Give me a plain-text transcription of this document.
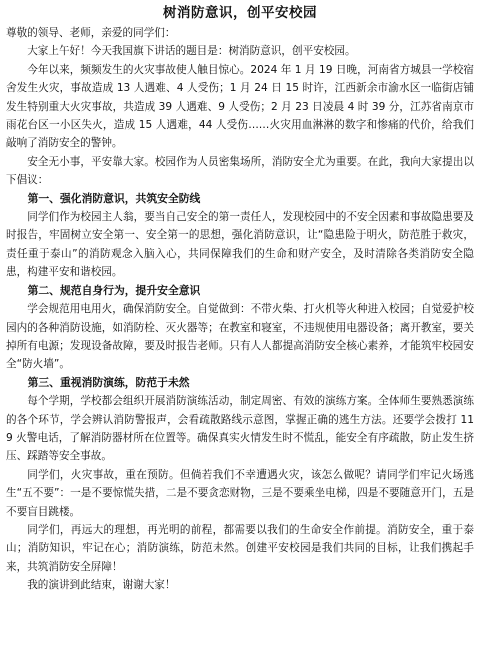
树消防意识，创平安校园

尊敬的领导、老师，亲爱的同学们：

大家上午好！今天我国旗下讲话的题目是：树消防意识，创平安校园。

今年以来，频频发生的火灾事故使人触目惊心。2024 年 1 月 19 日晚，河南省方城县一学校宿舍发生火灾，事故造成 13 人遇难、4 人受伤；1 月 24 日 15 时许，江西新余市渝水区一临街店铺发生特别重大火灾事故，共造成 39 人遇难、9 人受伤；2 月 23 日凌晨 4 时 39 分，江苏省南京市雨花台区一小区失火，造成 15 人遇难，44 人受伤……火灾用血淋淋的数字和惨痛的代价，给我们敲响了消防安全的警钟。

安全无小事，平安靠大家。校园作为人员密集场所，消防安全尤为重要。在此，我向大家提出以下倡议：

第一、强化消防意识，共筑安全防线

同学们作为校园主人翁，要当自己安全的第一责任人，发现校园中的不安全因素和事故隐患要及时报告，牢固树立安全第一、安全第一的思想，强化消防意识，让“隐患险于明火，防范胜于救灾，责任重于泰山”的消防观念入脑入心，共同保障我们的生命和财产安全，及时清除各类消防安全隐患，构建平安和谐校园。

第二、规范自身行为，提升安全意识

学会规范用电用火，确保消防安全。自觉做到：不带火柴、打火机等火种进入校园；自觉爱护校园内的各种消防设施，如消防栓、灭火器等；在教室和寝室，不违规使用电器设备；离开教室，要关掉所有电源；发现设备故障，要及时报告老师。只有人人都提高消防安全核心素养，才能筑牢校园安全“防火墙”。

第三、重视消防演练，防范于未然

每个学期，学校都会组织开展消防演练活动，制定周密、有效的演练方案。全体师生要熟悉演练的各个环节，学会辨认消防警报声，会看疏散路线示意图，掌握正确的逃生方法。还要学会拨打 119 火警电话，了解消防器材所在位置等。确保真实火情发生时不慌乱，能安全有序疏散，防止发生挤压、踩踏等安全事故。

同学们，火灾事故，重在预防。但倘若我们不幸遭遇火灾，该怎么做呢？请同学们牢记火场逃生“五不要”：一是不要惊慌失措，二是不要贪恋财物，三是不要乘坐电梯，四是不要随意开门，五是不要盲目跳楼。

同学们，再远大的理想，再光明的前程，都需要以我们的生命安全作前提。消防安全，重于泰山；消防知识，牢记在心；消防演练，防范未然。创建平安校园是我们共同的目标，让我们携起手来，共筑消防安全屏障！

我的演讲到此结束，谢谢大家！
